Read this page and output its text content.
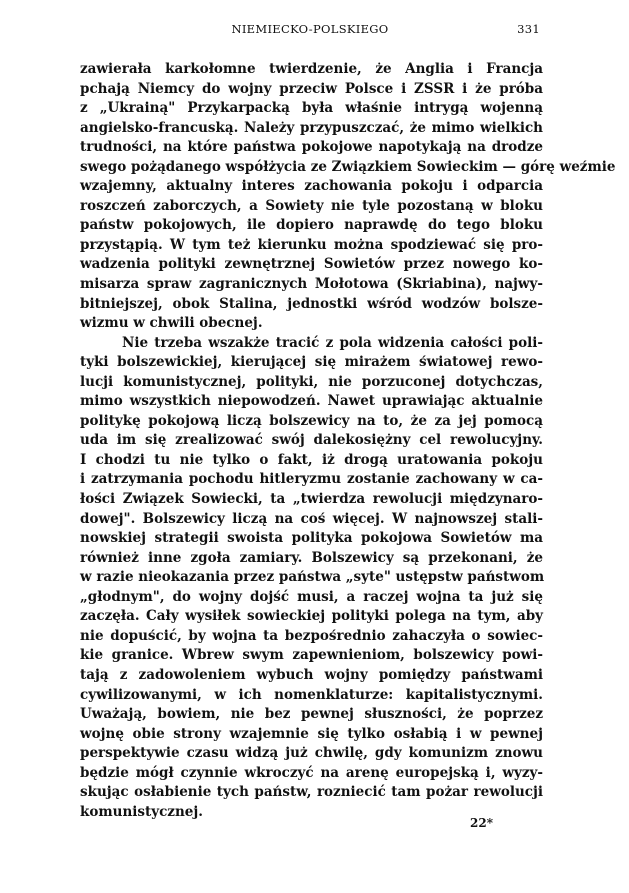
NIEMIECKO-POLSKIEGO	331
zawierała karkołomne twierdzenie, że Anglia i Francja
pchają Niemcy do wojny przeciw Polsce i ZSSR i że próba
z „Ukrainą" Przykarpacką była właśnie intrygą wojenną
angielsko-francuską. Należy przypuszczać, że mimo wielkich
trudności, na które państwa pokojowe napotykają na drodze
swego pożądanego współżycia ze Związkiem Sowieckim — górę weźmie
wzajemny, aktualny interes zachowania pokoju i odparcia
roszczeń zaborczych, a Sowiety nie tyle pozostaną w bloku
państw pokojowych, ile dopiero naprawdę do tego bloku
przystąpią. W tym też kierunku można spodziewać się pro-
wadzenia polityki zewnętrznej Sowietów przez nowego ko-
misarza spraw zagranicznych Mołotowa (Skriabina), najwy-
bitniejszej, obok Stalina, jednostki wśród wodzów bolsze-
wizmu w chwili obecnej.
Nie trzeba wszakże tracić z pola widzenia całości poli-
tyki bolszewickiej, kierującej się mirażem światowej rewo-
lucji komunistycznej, polityki, nie porzuconej dotychczas,
mimo wszystkich niepowodzeń. Nawet uprawiając aktualnie
politykę pokojową liczą bolszewicy na to, że za jej pomocą
uda im się zrealizować swój dalekosiężny cel rewolucyjny.
I chodzi tu nie tylko o fakt, iż drogą uratowania pokoju
i zatrzymania pochodu hitleryzmu zostanie zachowany w ca-
łości Związek Sowiecki, ta „twierdza rewolucji międzynaro-
dowej". Bolszewicy liczą na coś więcej. W najnowszej stali-
nowskiej strategii swoista polityka pokojowa Sowietów ma
również inne zgoła zamiary. Bolszewicy są przekonani, że
w razie nieokazania przez państwa „syte" ustępstw państwom
„głodnym", do wojny dojść musi, a raczej wojna ta już się
zaczęła. Cały wysiłek sowieckiej polityki polega na tym, aby
nie dopuścić, by wojna ta bezpośrednio zahaczyła o sowiec-
kie granice. Wbrew swym zapewnieniom, bolszewicy powi-
tają z zadowoleniem wybuch wojny pomiędzy państwami
cywilizowanymi, w ich nomenklaturze: kapitalistycznymi.
Uważają, bowiem, nie bez pewnej słuszności, że poprzez
wojnę obie strony wzajemnie się tylko osłabią i w pewnej
perspektywie czasu widzą już chwilę, gdy komunizm znowu
będzie mógł czynnie wkroczyć na arenę europejską i, wyzy-
skując osłabienie tych państw, rozniecić tam pożar rewolucji
komunistycznej.
22*
